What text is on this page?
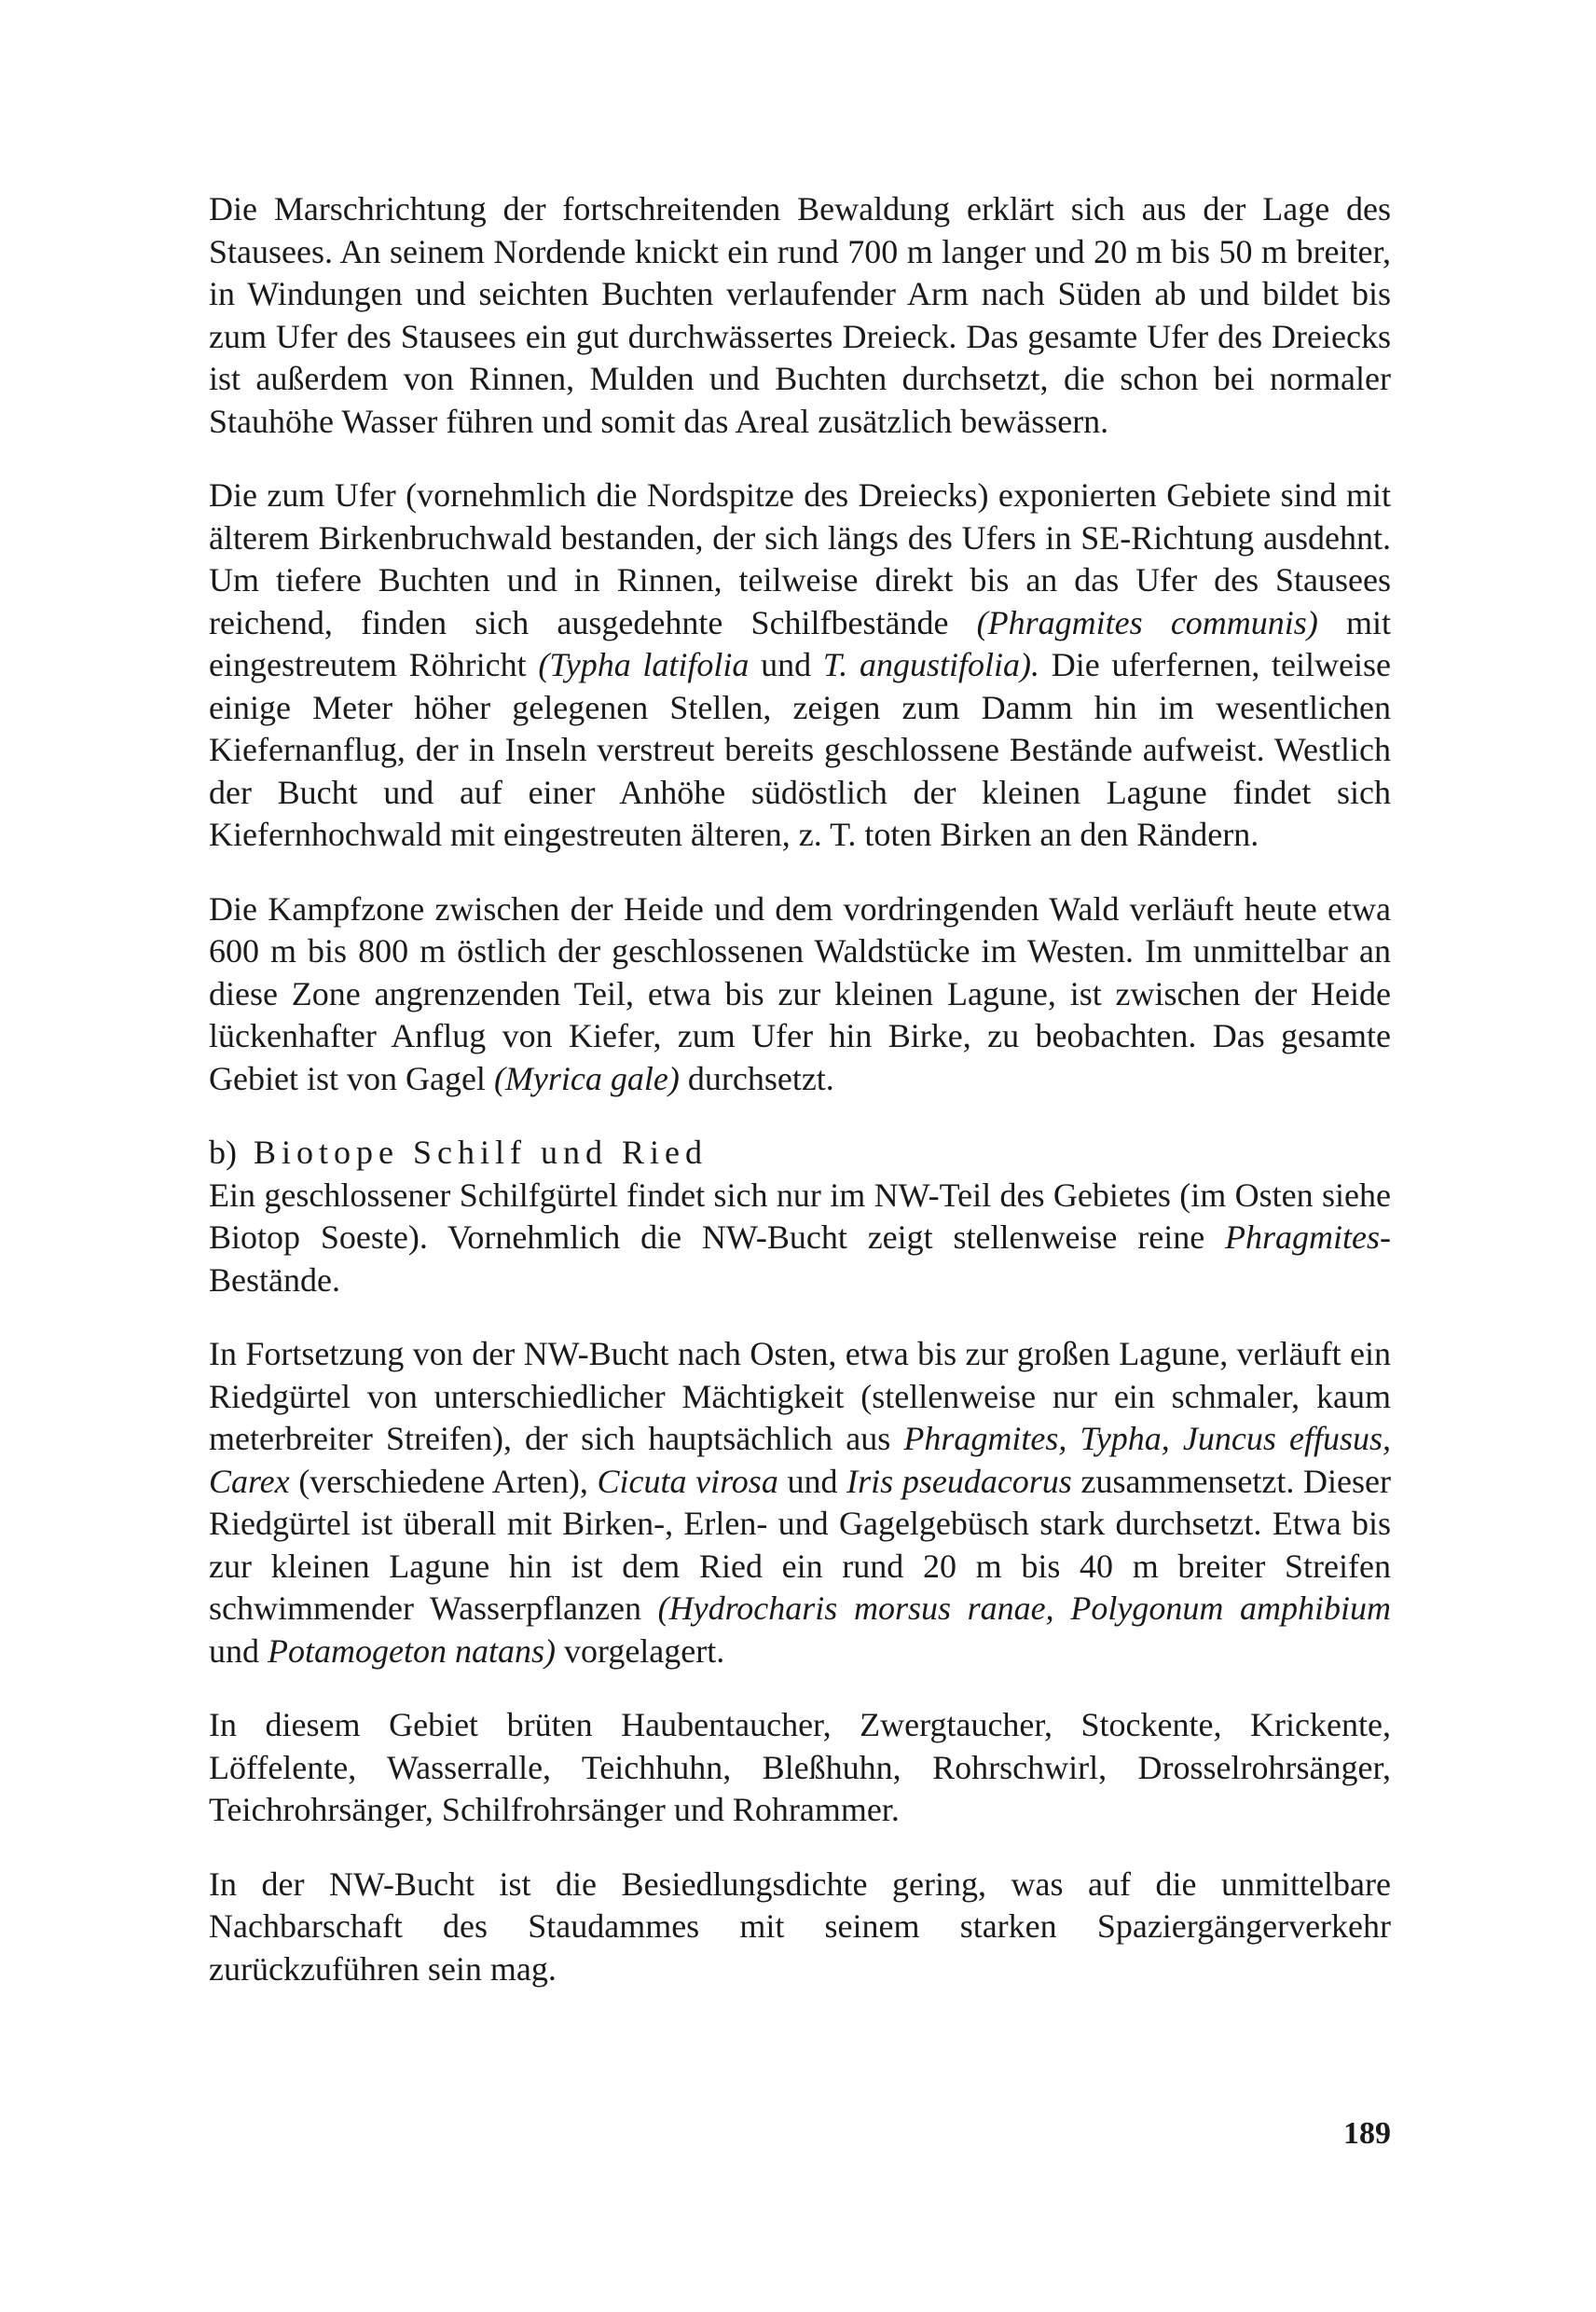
Die Marschrichtung der fortschreitenden Bewaldung erklärt sich aus der Lage des Stausees. An seinem Nordende knickt ein rund 700 m langer und 20 m bis 50 m breiter, in Windungen und seichten Buchten verlaufender Arm nach Süden ab und bildet bis zum Ufer des Stausees ein gut durchwässertes Dreieck. Das gesamte Ufer des Dreiecks ist außerdem von Rinnen, Mulden und Buchten durchsetzt, die schon bei normaler Stauhöhe Wasser führen und somit das Areal zusätzlich bewässern.

Die zum Ufer (vornehmlich die Nordspitze des Dreiecks) exponierten Gebiete sind mit älterem Birkenbruchwald bestanden, der sich längs des Ufers in SE-Richtung ausdehnt. Um tiefere Buchten und in Rinnen, teilweise direkt bis an das Ufer des Stausees reichend, finden sich ausgedehnte Schilfbestände (Phragmites communis) mit eingestreutem Röhricht (Typha latifolia und T. angustifolia). Die uferfernen, teilweise einige Meter höher gelegenen Stellen, zeigen zum Damm hin im wesentlichen Kiefernanflug, der in Inseln verstreut bereits geschlossene Bestände aufweist. Westlich der Bucht und auf einer Anhöhe südöstlich der kleinen Lagune findet sich Kiefernhochwald mit eingestreuten älteren, z. T. toten Birken an den Rändern.

Die Kampfzone zwischen der Heide und dem vordringenden Wald verläuft heute etwa 600 m bis 800 m östlich der geschlossenen Waldstücke im Westen. Im unmittelbar an diese Zone angrenzenden Teil, etwa bis zur kleinen Lagune, ist zwischen der Heide lückenhafter Anflug von Kiefer, zum Ufer hin Birke, zu beobachten. Das gesamte Gebiet ist von Gagel (Myrica gale) durchsetzt.

b) Biotope Schilf und Ried

Ein geschlossener Schilfgürtel findet sich nur im NW-Teil des Gebietes (im Osten siehe Biotop Soeste). Vornehmlich die NW-Bucht zeigt stellenweise reine Phragmites-Bestände.

In Fortsetzung von der NW-Bucht nach Osten, etwa bis zur großen Lagune, verläuft ein Riedgürtel von unterschiedlicher Mächtigkeit (stellenweise nur ein schmaler, kaum meterbreiter Streifen), der sich hauptsächlich aus Phragmites, Typha, Juncus effusus, Carex (verschiedene Arten), Cicuta virosa und Iris pseudacorus zusammensetzt. Dieser Riedgürtel ist überall mit Birken-, Erlen- und Gagelgebüsch stark durchsetzt. Etwa bis zur kleinen Lagune hin ist dem Ried ein rund 20 m bis 40 m breiter Streifen schwimmender Wasserpflanzen (Hydrocharis morsus ranae, Polygonum amphibium und Potamogeton natans) vorgelagert.

In diesem Gebiet brüten Haubentaucher, Zwergtaucher, Stockente, Krickente, Löffelente, Wasserralle, Teichhuhn, Bleßhuhn, Rohrschwirl, Drosselrohrsänger, Teichrohrsänger, Schilfrohrsänger und Rohrammer.

In der NW-Bucht ist die Besiedlungsdichte gering, was auf die unmittelbare Nachbarschaft des Staudammes mit seinem starken Spaziergängerverkehr zurückzuführen sein mag.

189
